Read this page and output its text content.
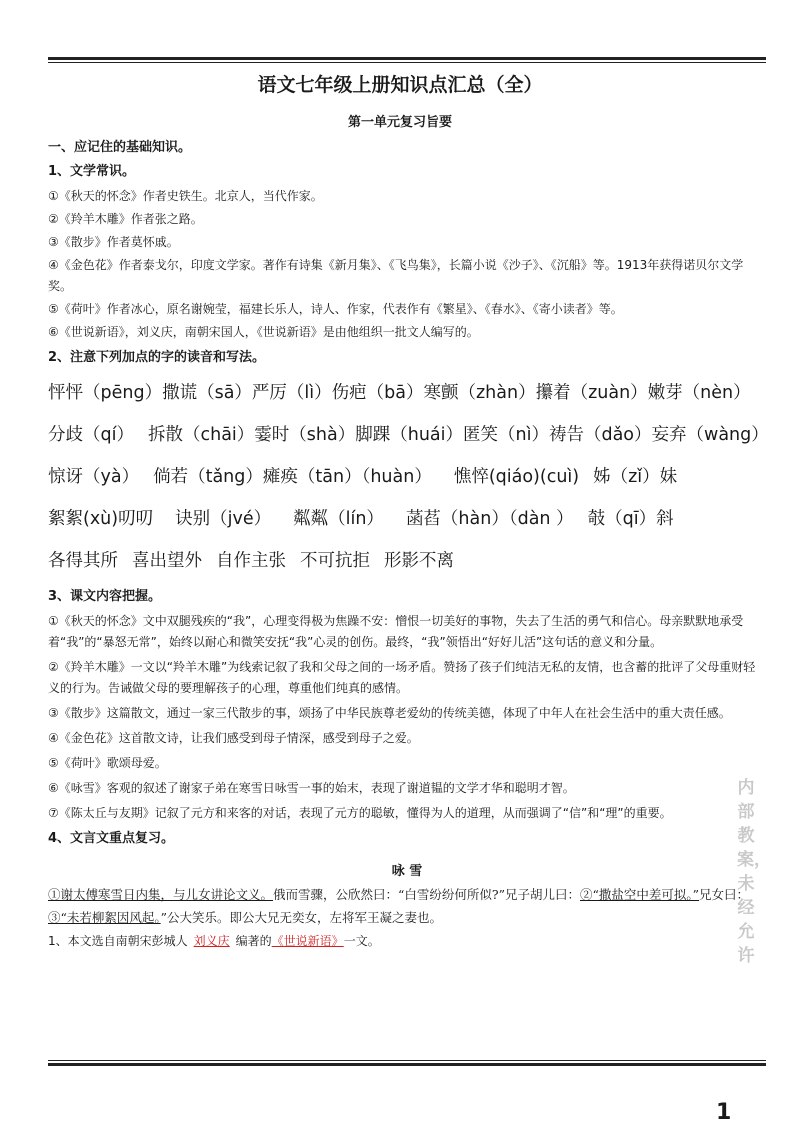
语文七年级上册知识点汇总（全）
第一单元复习旨要
一、应记住的基础知识。
1、文学常识。

①《秋天的怀念》作者史铁生。北京人，当代作家。

②《羚羊木雕》作者张之路。

③《散步》作者莫怀戚。

④《金色花》作者泰戈尔，印度文学家。著作有诗集《新月集》、《飞鸟集》，长篇小说《沙子》、《沉船》等。1913年获得诺贝尔文学奖。

⑤《荷叶》作者冰心，原名谢婉莹，福建长乐人，诗人、作家，代表作有《繁星》、《春水》、《寄小读者》等。

⑥《世说新语》，刘义庆，南朝宋国人，《世说新语》是由他组织一批文人编写的。

2、注意下列加点的字的读音和写法。
怦怦（pēng）撒谎（sā）严厉（lì）伤疤（bā）寒颤（zhàn）攥着（zuàn）嫩芽（nèn）
分歧（qí） 拆散（chāi）霎时（shà）脚踝（huái）匿笑（nì）祷告（dǎo）妄弃（wàng）
惊讶（yà） 倘若（tǎng）瘫痪（tān）（huàn） 憔悴(qiáo)(cuì) 姊（zǐ）妹
絮絮(xù)叨叨 诀别（jvé） 粼粼（lín） 菡萏（hàn）（dàn ） 攲（qī）斜
各得其所 喜出望外 自作主张 不可抗拒 形影不离
3、课文内容把握。

①《秋天的怀念》文中双腿残疾的“我”，心理变得极为焦躁不安：憎恨一切美好的事物，失去了生活的勇气和信心。母亲默默地承受着“我”的“暴怒无常”，始终以耐心和微笑安抚“我”心灵的创伤。最终，“我”领悟出“好好儿活”这句话的意义和分量。

②《羚羊木雕》一文以“羚羊木雕”为线索记叙了我和父母之间的一场矛盾。赞扬了孩子们纯洁无私的友情，也含蓄的批评了父母重财轻义的行为。告诫做父母的要理解孩子的心理，尊重他们纯真的感情。

③《散步》这篇散文，通过一家三代散步的事，颂扬了中华民族尊老爱幼的传统美德，体现了中年人在社会生活中的重大责任感。

④《金色花》这首散文诗，让我们感受到母子情深，感受到母子之爱。

⑤《荷叶》歌颂母爱。

⑥《咏雪》客观的叙述了谢家子弟在寒雪日咏雪一事的始末，表现了谢道韫的文学才华和聪明才智。

⑦《陈太丘与友期》记叙了元方和来客的对话，表现了元方的聪敏，懂得为人的道理，从而强调了“信”和“理”的重要。

4、文言文重点复习。
咏 雪

①谢太傅寒雪日内集，与儿女讲论文义。俄而雪骤，公欣然曰：“白雪纷纷何所似?”兄子胡儿曰：②“撒盐空中差可拟。”兄女曰：③“未若柳絮因风起。”公大笑乐。即公大兄无奕女，左将军王凝之妻也。

1、本文选自南朝宋彭城人 刘义庆 编著的《世说新语》一文。

内部教案，未经允许
1
